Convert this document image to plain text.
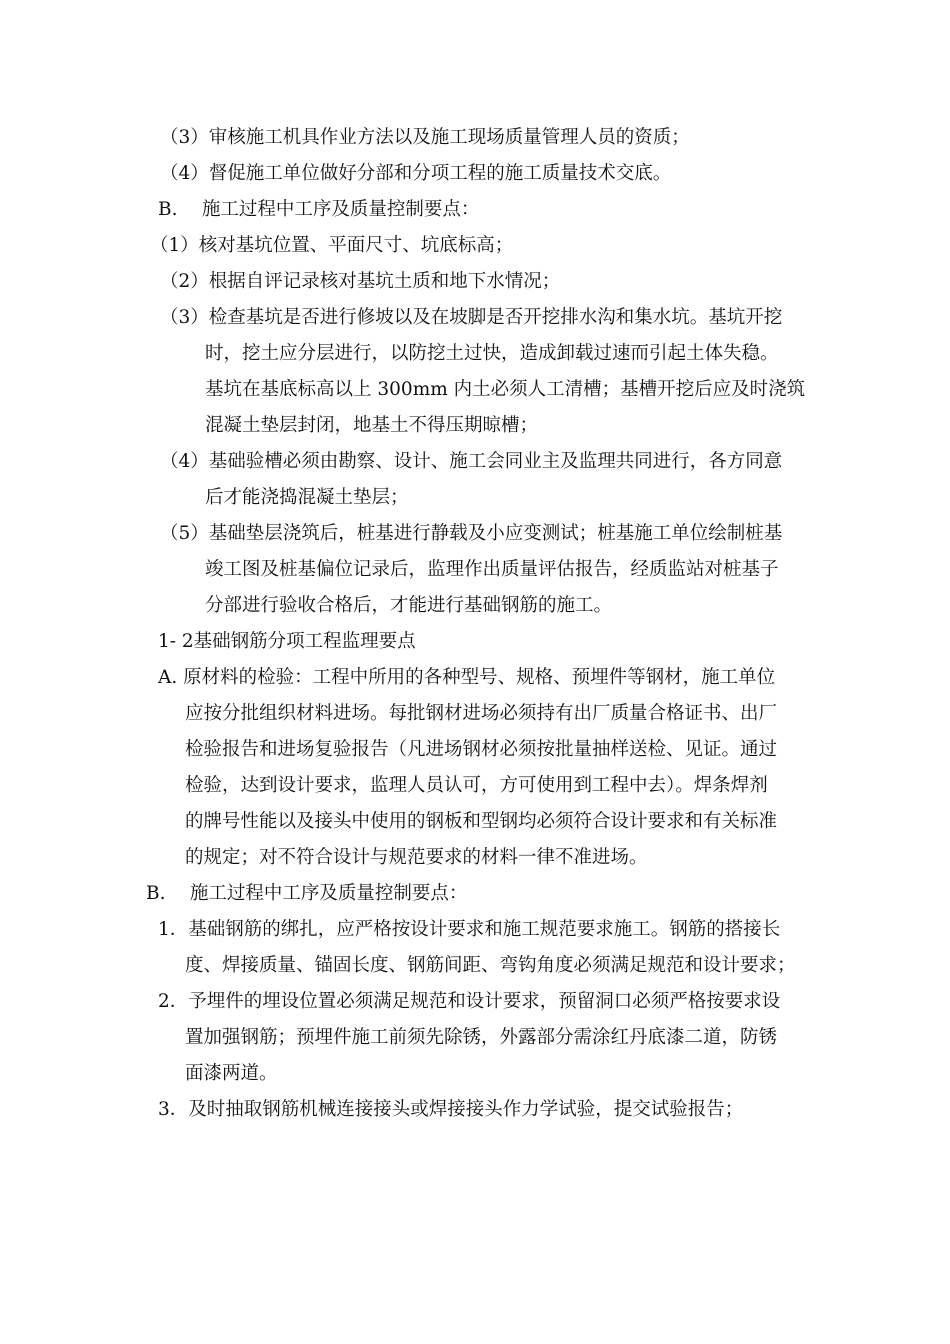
（3）审核施工机具作业方法以及施工现场质量管理人员的资质；
（4）督促施工单位做好分部和分项工程的施工质量技术交底。
B.　 施工过程中工序及质量控制要点：
（1）核对基坑位置、平面尺寸、坑底标高；
（2）根据自评记录核对基坑土质和地下水情况；
（3）检查基坑是否进行修坡以及在坡脚是否开挖排水沟和集水坑。基坑开挖
时，挖土应分层进行，以防挖土过快，造成卸载过速而引起土体失稳。
基坑在基底标高以上 300mm 内土必须人工清槽；基槽开挖后应及时浇筑
混凝土垫层封闭，地基土不得压期晾槽；
（4）基础验槽必须由勘察、设计、施工会同业主及监理共同进行，各方同意
后才能浇捣混凝土垫层；
（5）基础垫层浇筑后，桩基进行静载及小应变测试；桩基施工单位绘制桩基
竣工图及桩基偏位记录后，监理作出质量评估报告，经质监站对桩基子
分部进行验收合格后，才能进行基础钢筋的施工。
1- 2基础钢筋分项工程监理要点
A. 原材料的检验：工程中所用的各种型号、规格、预埋件等钢材，施工单位
应按分批组织材料进场。每批钢材进场必须持有出厂质量合格证书、出厂
检验报告和进场复验报告（凡进场钢材必须按批量抽样送检、见证。通过
检验，达到设计要求，监理人员认可，方可使用到工程中去）。焊条焊剂
的牌号性能以及接头中使用的钢板和型钢均必须符合设计要求和有关标准
的规定；对不符合设计与规范要求的材料一律不准进场。
B.　 施工过程中工序及质量控制要点：
1．基础钢筋的绑扎，应严格按设计要求和施工规范要求施工。钢筋的搭接长
度、焊接质量、锚固长度、钢筋间距、弯钩角度必须满足规范和设计要求；
2．予埋件的埋设位置必须满足规范和设计要求，预留洞口必须严格按要求设
置加强钢筋；预埋件施工前须先除锈，外露部分需涂红丹底漆二道，防锈
面漆两道。
3．及时抽取钢筋机械连接接头或焊接接头作力学试验，提交试验报告；
